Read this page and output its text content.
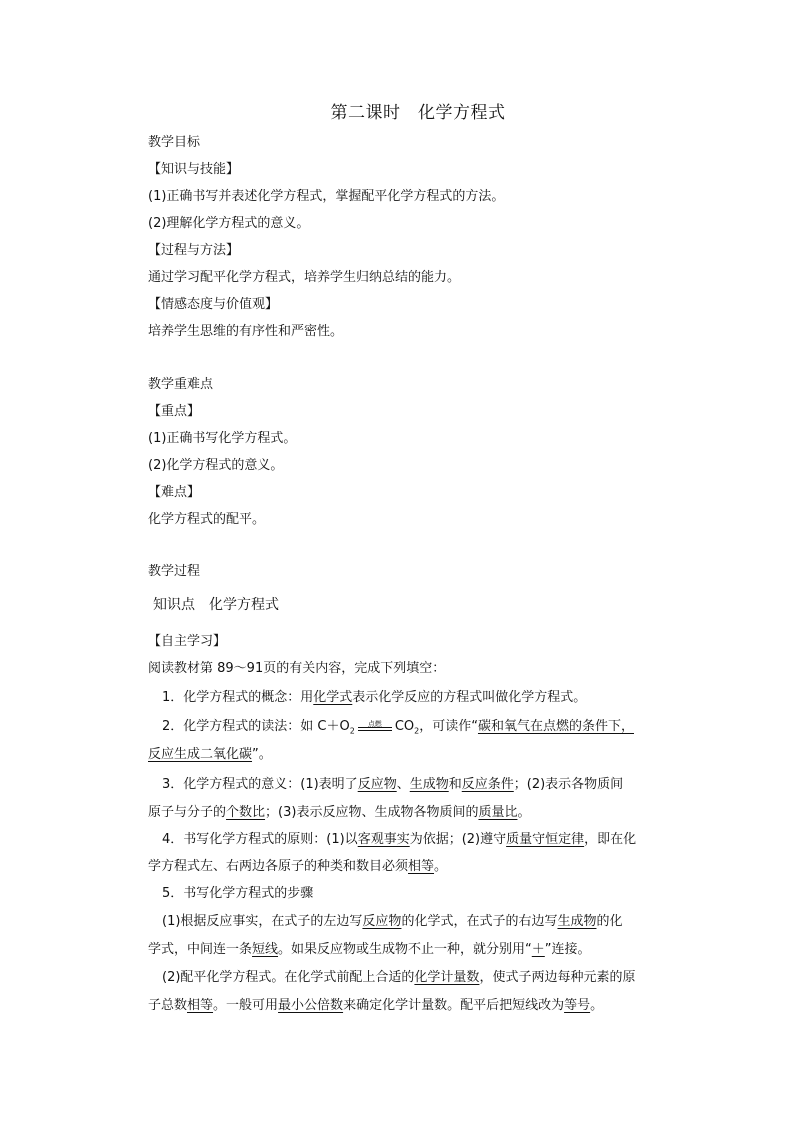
第二课时　化学方程式
教学目标
【知识与技能】
(1)正确书写并表述化学方程式，掌握配平化学方程式的方法。
(2)理解化学方程式的意义。
【过程与方法】
通过学习配平化学方程式，培养学生归纳总结的能力。
【情感态度与价值观】
培养学生思维的有序性和严密性。
教学重难点
【重点】
(1)正确书写化学方程式。
(2)化学方程式的意义。
【难点】
化学方程式的配平。
教学过程
知识点　化学方程式
【自主学习】
阅读教材第 89～91页的有关内容，完成下列填空：
1．化学方程式的概念：用化学式表示化学反应的方程式叫做化学方程式。
2．化学方程式的读法：如 $C+O_2$
点燃	$CO_2$，可读作“碳和氧气在点燃的条件下，
反应生成二氧化碳”。
3．化学方程式的意义：(1)表明了反应物、生成物和反应条件；(2)表示各物质间
原子与分子的个数比；(3)表示反应物、生成物各物质间的质量比。
4．书写化学方程式的原则：(1)以客观事实为依据；(2)遵守质量守恒定律，即在化
学方程式左、右两边各原子的种类和数目必须相等。
5．书写化学方程式的步骤
(1)根据反应事实，在式子的左边写反应物的化学式，在式子的右边写生成物的化
学式，中间连一条短线。如果反应物或生成物不止一种，就分别用“＋”连接。
(2)配平化学方程式。在化学式前配上合适的化学计量数，使式子两边每种元素的原
子总数相等。一般可用最小公倍数来确定化学计量数。配平后把短线改为等号。
